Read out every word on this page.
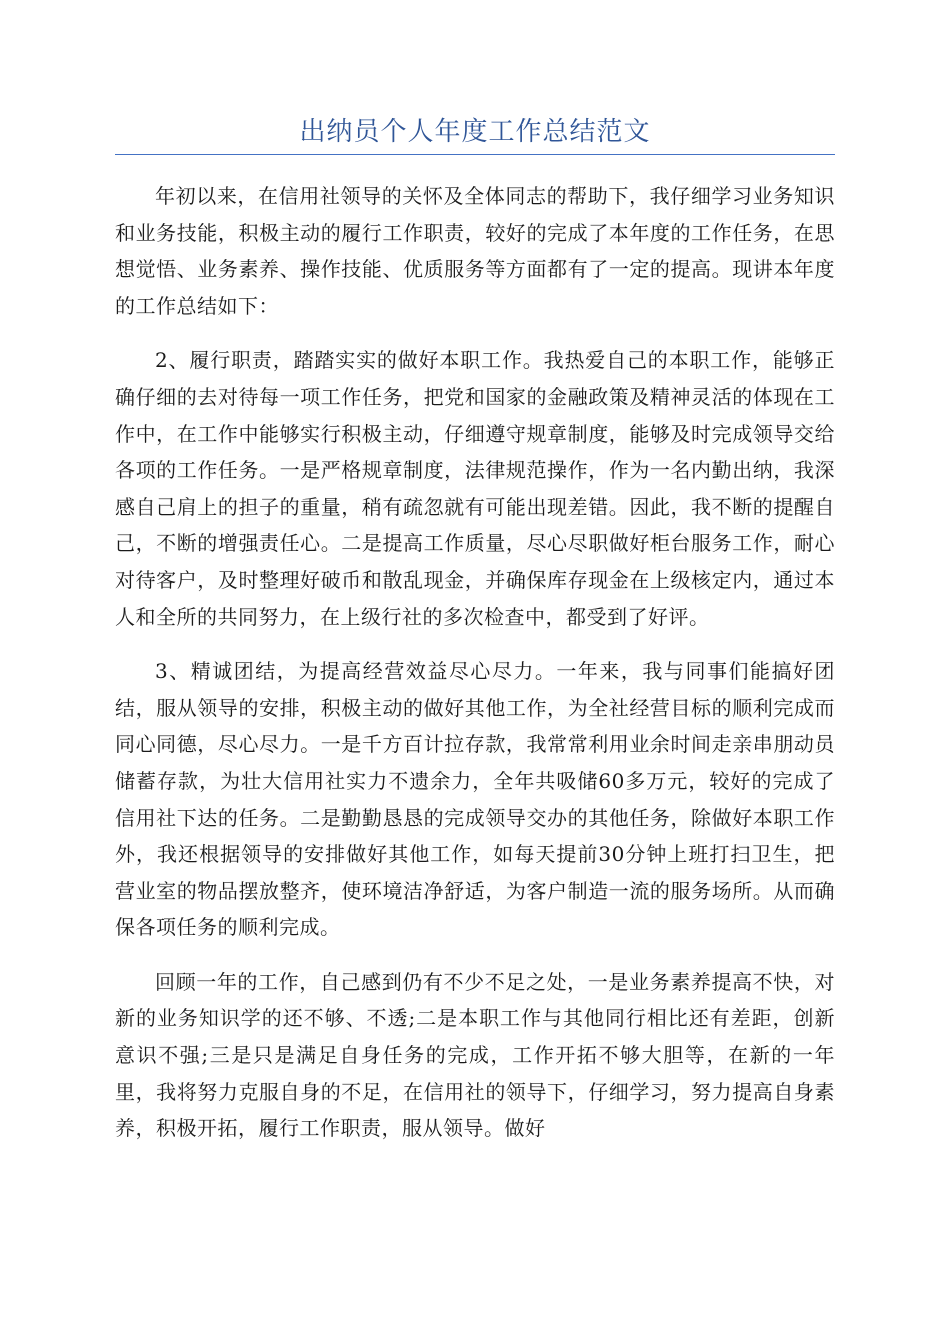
出纳员个人年度工作总结范文

年初以来，在信用社领导的关怀及全体同志的帮助下，我仔细学习业务知识和业务技能，积极主动的履行工作职责，较好的完成了本年度的工作任务，在思想觉悟、业务素养、操作技能、优质服务等方面都有了一定的提高。现讲本年度的工作总结如下：

2、履行职责，踏踏实实的做好本职工作。我热爱自己的本职工作，能够正确仔细的去对待每一项工作任务，把党和国家的金融政策及精神灵活的体现在工作中，在工作中能够实行积极主动，仔细遵守规章制度，能够及时完成领导交给各项的工作任务。一是严格规章制度，法律规范操作，作为一名内勤出纳，我深感自己肩上的担子的重量，稍有疏忽就有可能出现差错。因此，我不断的提醒自己，不断的增强责任心。二是提高工作质量，尽心尽职做好柜台服务工作，耐心对待客户，及时整理好破币和散乱现金，并确保库存现金在上级核定内，通过本人和全所的共同努力，在上级行社的多次检查中，都受到了好评。

3、精诚团结，为提高经营效益尽心尽力。一年来，我与同事们能搞好团结，服从领导的安排，积极主动的做好其他工作，为全社经营目标的顺利完成而同心同德，尽心尽力。一是千方百计拉存款，我常常利用业余时间走亲串朋动员储蓄存款，为壮大信用社实力不遗余力，全年共吸储60多万元，较好的完成了信用社下达的任务。二是勤勤恳恳的完成领导交办的其他任务，除做好本职工作外，我还根据领导的安排做好其他工作，如每天提前30分钟上班打扫卫生，把营业室的物品摆放整齐，使环境洁净舒适，为客户制造一流的服务场所。从而确保各项任务的顺利完成。

回顾一年的工作，自己感到仍有不少不足之处，一是业务素养提高不快，对新的业务知识学的还不够、不透;二是本职工作与其他同行相比还有差距，创新意识不强;三是只是满足自身任务的完成，工作开拓不够大胆等，在新的一年里，我将努力克服自身的不足，在信用社的领导下，仔细学习，努力提高自身素养，积极开拓，履行工作职责，服从领导。做好
